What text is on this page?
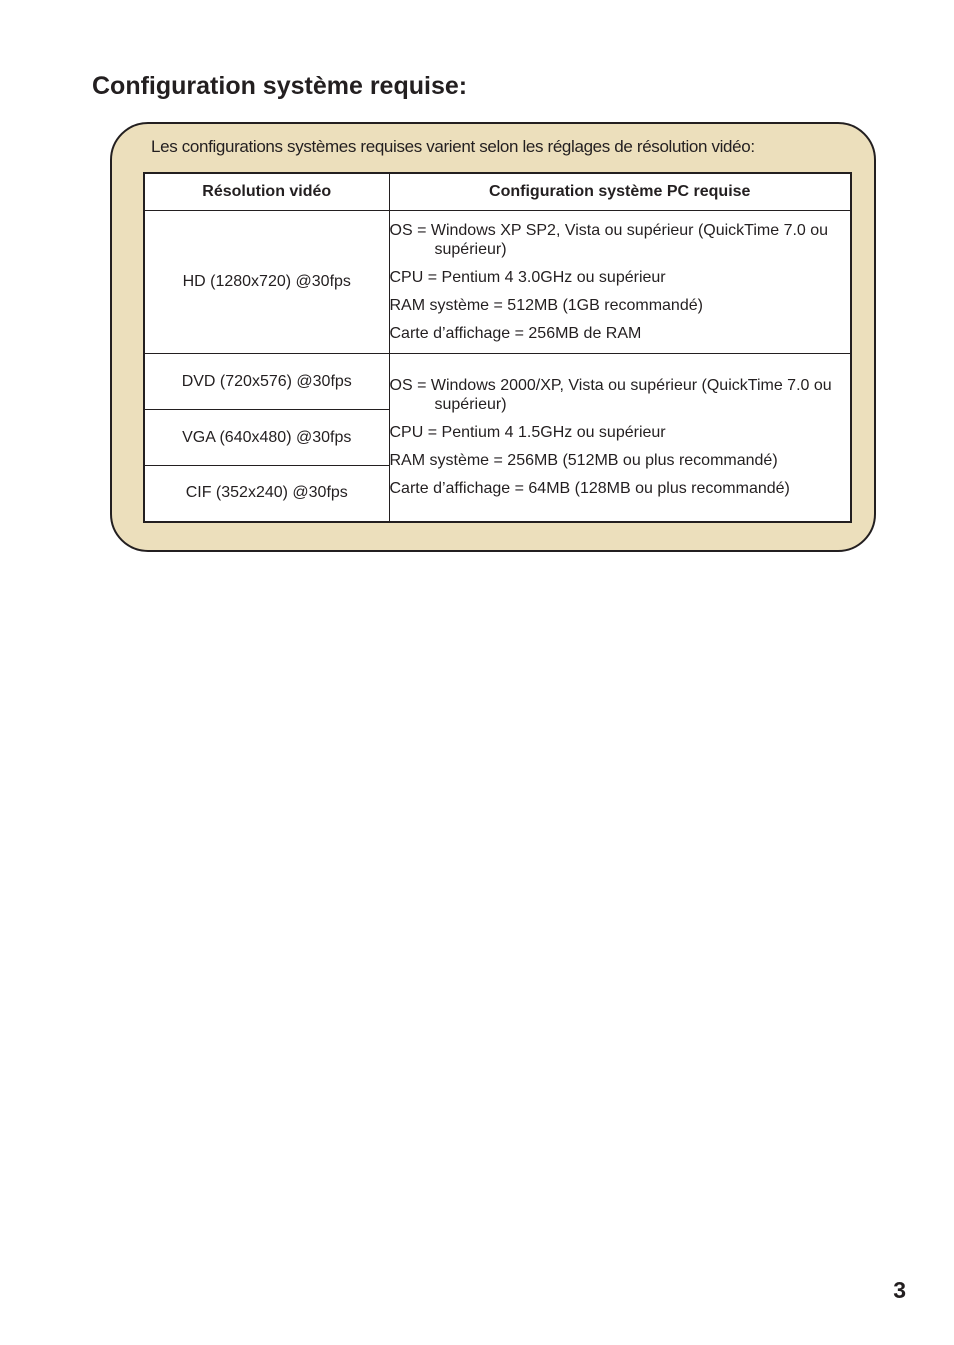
Configuration système requise:
Les configurations systèmes requises varient selon les réglages de résolution vidéo:
Résolution vidéo	Configuration système PC requise
HD (1280x720) @30fps	OS = Windows XP SP2, Vista ou supérieur (QuickTime 7.0 ou supérieur)
CPU = Pentium 4 3.0GHz ou supérieur
RAM système = 512MB (1GB recommandé)
Carte d’affichage = 256MB de RAM

DVD (720x576) @30fps	OS = Windows 2000/XP, Vista ou supérieur (QuickTime 7.0 ou supérieur)
CPU = Pentium 4 1.5GHz ou supérieur
RAM système = 256MB (512MB ou plus recommandé)
Carte d’affichage = 64MB (128MB ou plus recommandé)

VGA (640x480) @30fps	
CIF (352x240) @30fps	
3
